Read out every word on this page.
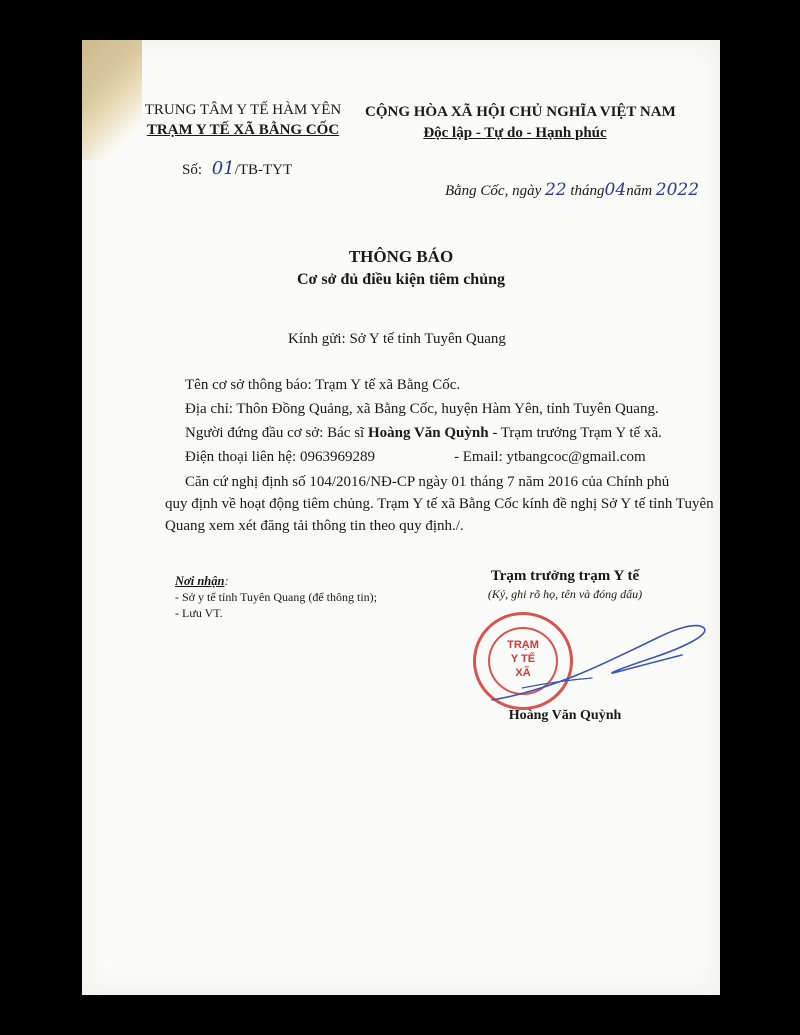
TRUNG TÂM Y TẾ HÀM YÊN
TRẠM Y TẾ XÃ BẰNG CỐC
Số: 01/TB-TYT
CỘNG HÒA XÃ HỘI CHỦ NGHĨA VIỆT NAM
Độc lập - Tự do - Hạnh phúc
Bằng Cốc, ngày 22 tháng04năm 2022
THÔNG BÁO
Cơ sở đủ điều kiện tiêm chủng
Kính gửi: Sở Y tế tỉnh Tuyên Quang
Tên cơ sở thông báo: Trạm Y tế xã Bằng Cốc.
Địa chỉ: Thôn Đồng Quảng, xã Bằng Cốc, huyện Hàm Yên, tỉnh Tuyên Quang.
Người đứng đầu cơ sở: Bác sĩ Hoàng Văn Quỳnh - Trạm trưởng Trạm Y tế xã.
Điện thoại liên hệ: 0963969289	- Email: ytbangcoc@gmail.com
Căn cứ nghị định số 104/2016/NĐ-CP ngày 01 tháng 7 năm 2016 của Chính phủ
quy định về hoạt động tiêm chủng. Trạm Y tế xã Bằng Cốc kính đề nghị Sở Y tế tỉnh Tuyên
Quang xem xét đăng tải thông tin theo quy định./.
Nơi nhận:
- Sở y tế tỉnh Tuyên Quang (để thông tin);
- Lưu VT.
Trạm trưởng trạm Y tế
(Ký, ghi rõ họ, tên và đóng dấu)
TRẠM
Y TẾ
XÃ
Hoàng Văn Quỳnh
